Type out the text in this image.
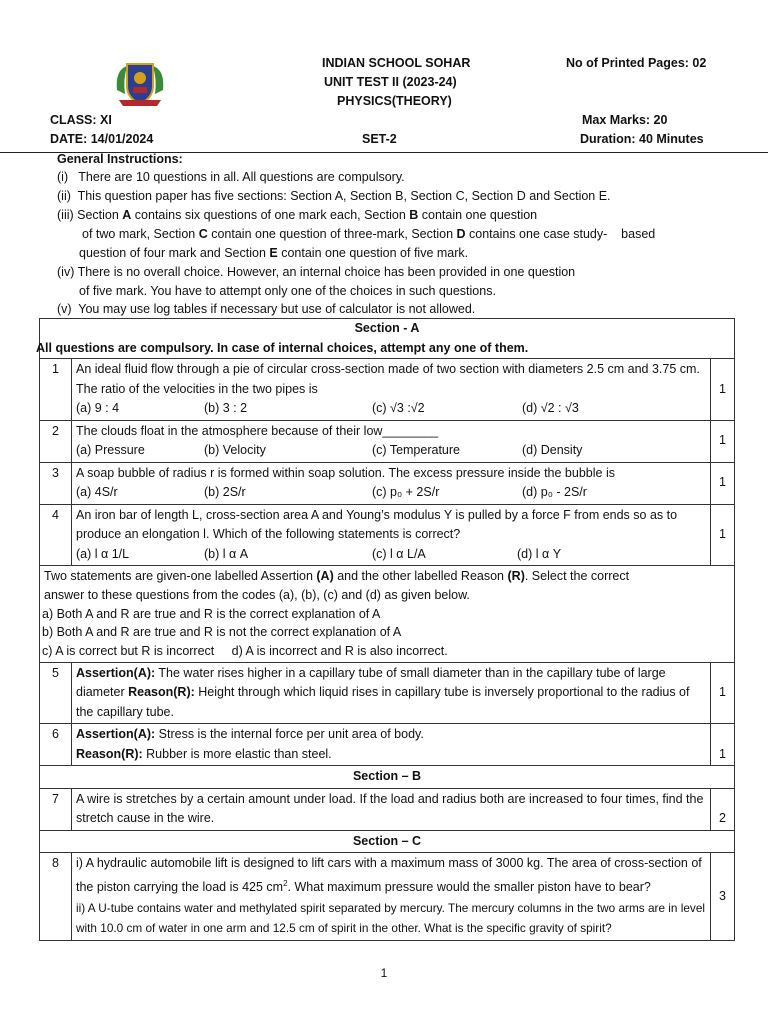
INDIAN SCHOOL SOHAR
UNIT TEST II (2023-24)
PHYSICS(THEORY)
No of Printed Pages: 02
CLASS: XI
DATE: 14/01/2024	SET-2
Max Marks: 20
Duration: 40 Minutes
General Instructions:
(i)   There are 10 questions in all. All questions are compulsory.
(ii)  This question paper has five sections: Section A, Section B, Section C, Section D and Section E.
(iii) Section A contains six questions of one mark each, Section B contain one question
of two mark, Section C contain one question of three-mark, Section D contains one case study-    based
question of four mark and Section E contain one question of five mark.
(iv) There is no overall choice. However, an internal choice has been provided in one question
of five mark. You have to attempt only one of the choices in such questions.
(v)  You may use log tables if necessary but use of calculator is not allowed.
Section - A
All questions are compulsory. In case of internal choices, attempt any one of them.		

1	An ideal fluid flow through a pie of circular cross-section made of two section with diameters 2.5 cm and 3.75 cm. The ratio of the velocities in the two pipes is
(a) 9 : 4 (b) 3 : 2 (c) √3 :√2 (d) √2 : √3	1
2	The clouds float in the atmosphere because of their low________
(a) Pressure (b) Velocity (c) Temperature (d) Density	1
3	A soap bubble of radius r is formed within soap solution. The excess pressure inside the bubble is
(a) 4S/r (b) 2S/r (c) p₀ + 2S/r (d) p₀ - 2S/r	1
4	An iron bar of length L, cross-section area A and Young’s modulus Y is pulled by a force F from ends so as to produce an elongation l. Which of the following statements is correct?
(a) l α 1/L (b) l α A (c) l α L/A (d) l α Y	1

Two statements are given-one labelled Assertion (A) and the other labelled Reason (R). Select the correct
answer to these questions from the codes (a), (b), (c) and (d) as given below.
a) Both A and R are true and R is the correct explanation of A
b) Both A and R are true and R is not the correct explanation of A
c) A is correct but R is incorrect     d) A is incorrect and R is also incorrect.		

5	Assertion(A): The water rises higher in a capillary tube of small diameter than in the capillary tube of large diameter Reason(R): Height through which liquid rises in capillary tube is inversely proportional to the radius of the capillary tube.	1
6	Assertion(A): Stress is the internal force per unit area of body.
Reason(R): Rubber is more elastic than steel.	1
Section – B		
7	A wire is stretches by a certain amount under load. If the load and radius both are increased to four times, find the stretch cause in the wire.	2
Section – C		
8	i) A hydraulic automobile lift is designed to lift cars with a maximum mass of 3000 kg. The area of cross-section of the piston carrying the load is 425 $cm^2$. What maximum pressure would the smaller piston have to bear?
ii) A U-tube contains water and methylated spirit separated by mercury. The mercury columns in the two arms are in level with 10.0 cm of water in one arm and 12.5 cm of spirit in the other. What is the specific gravity of spirit?	3
1
